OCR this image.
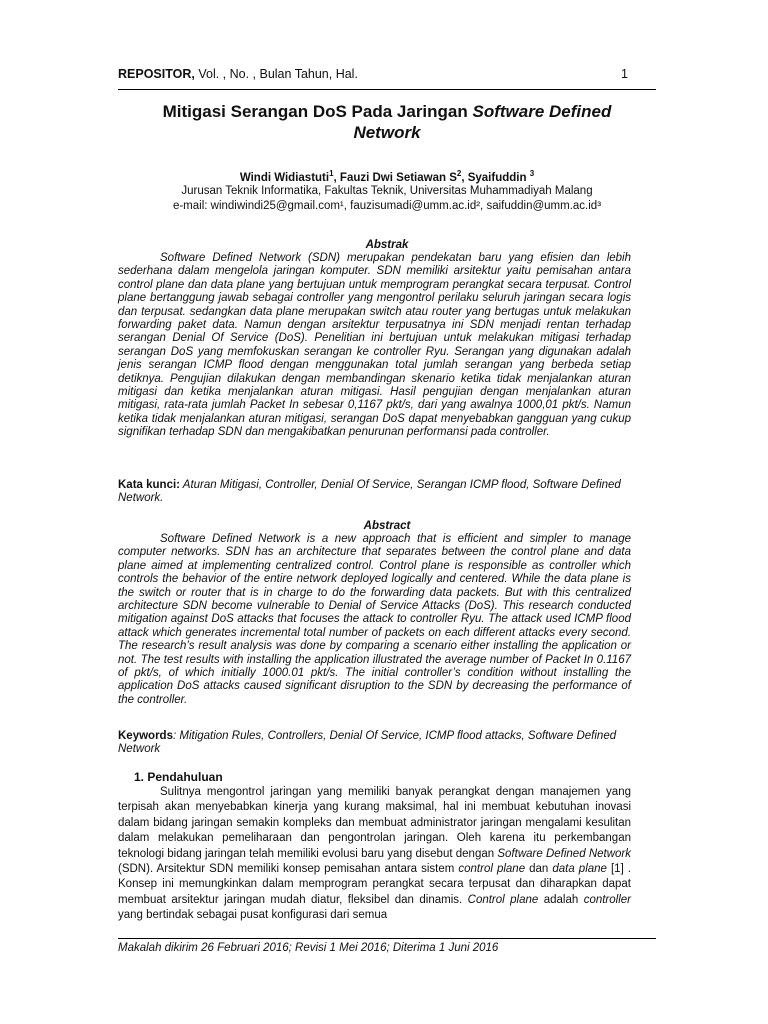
REPOSITOR, Vol. , No. , Bulan Tahun, Hal.	1
Mitigasi Serangan DoS Pada Jaringan Software Defined
Network
Windi Widiastuti$^1$, Fauzi Dwi Setiawan $S^2$, Syaifuddin $^3$
Jurusan Teknik Informatika, Fakultas Teknik, Universitas Muhammadiyah Malang
e-mail: windiwindi25@gmail.com¹, fauzisumadi@umm.ac.id², saifuddin@umm.ac.id³
Abstrak

Software Defined Network (SDN) merupakan pendekatan baru yang efisien dan lebih sederhana dalam mengelola jaringan komputer. SDN memiliki arsitektur yaitu pemisahan antara control plane dan data plane yang bertujuan untuk memprogram perangkat secara terpusat. Control plane bertanggung jawab sebagai controller yang mengontrol perilaku seluruh jaringan secara logis dan terpusat. sedangkan data plane merupakan switch atau router yang bertugas untuk melakukan forwarding paket data. Namun dengan arsitektur terpusatnya ini SDN menjadi rentan terhadap serangan Denial Of Service (DoS). Penelitian ini bertujuan untuk melakukan mitigasi terhadap serangan DoS yang memfokuskan serangan ke controller Ryu. Serangan yang digunakan adalah jenis serangan ICMP flood dengan menggunakan total jumlah serangan yang berbeda setiap detiknya. Pengujian dilakukan dengan membandingan skenario ketika tidak menjalankan aturan mitigasi dan ketika menjalankan aturan mitigasi. Hasil pengujian dengan menjalankan aturan mitigasi, rata-rata jumlah Packet In sebesar 0,1167 pkt/s, dari yang awalnya 1000,01 pkt/s. Namun ketika tidak menjalankan aturan mitigasi, serangan DoS dapat menyebabkan gangguan yang cukup signifikan terhadap SDN dan mengakibatkan penurunan performansi pada controller.

Kata kunci: Aturan Mitigasi, Controller, Denial Of Service, Serangan ICMP flood, Software Defined Network.

Abstract

Software Defined Network is a new approach that is efficient and simpler to manage computer networks. SDN has an architecture that separates between the control plane and data plane aimed at implementing centralized control. Control plane is responsible as controller which controls the behavior of the entire network deployed logically and centered. While the data plane is the switch or router that is in charge to do the forwarding data packets. But with this centralized architecture SDN become vulnerable to Denial of Service Attacks (DoS). This research conducted mitigation against DoS attacks that focuses the attack to controller Ryu. The attack used ICMP flood attack which generates incremental total number of packets on each different attacks every second. The research’s result analysis was done by comparing a scenario either installing the application or not. The test results with installing the application illustrated the average number of Packet In 0.1167 of pkt/s, of which initially 1000.01 pkt/s. The initial controller’s condition without installing the application DoS attacks caused significant disruption to the SDN by decreasing the performance of the controller.

Keywords: Mitigation Rules, Controllers, Denial Of Service, ICMP flood attacks, Software Defined Network

1. Pendahuluan

Sulitnya mengontrol jaringan yang memiliki banyak perangkat dengan manajemen yang terpisah akan menyebabkan kinerja yang kurang maksimal, hal ini membuat kebutuhan inovasi dalam bidang jaringan semakin kompleks dan membuat administrator jaringan mengalami kesulitan dalam melakukan pemeliharaan dan pengontrolan jaringan. Oleh karena itu perkembangan teknologi bidang jaringan telah memiliki evolusi baru yang disebut dengan Software Defined Network (SDN). Arsitektur SDN memiliki konsep pemisahan antara sistem control plane dan data plane [1] . Konsep ini memungkinkan dalam memprogram perangkat secara terpusat dan diharapkan dapat membuat arsitektur jaringan mudah diatur, fleksibel dan dinamis. Control plane adalah controller yang bertindak sebagai pusat konfigurasi dari semua

Makalah dikirim 26 Februari 2016; Revisi 1 Mei 2016; Diterima 1 Juni 2016
